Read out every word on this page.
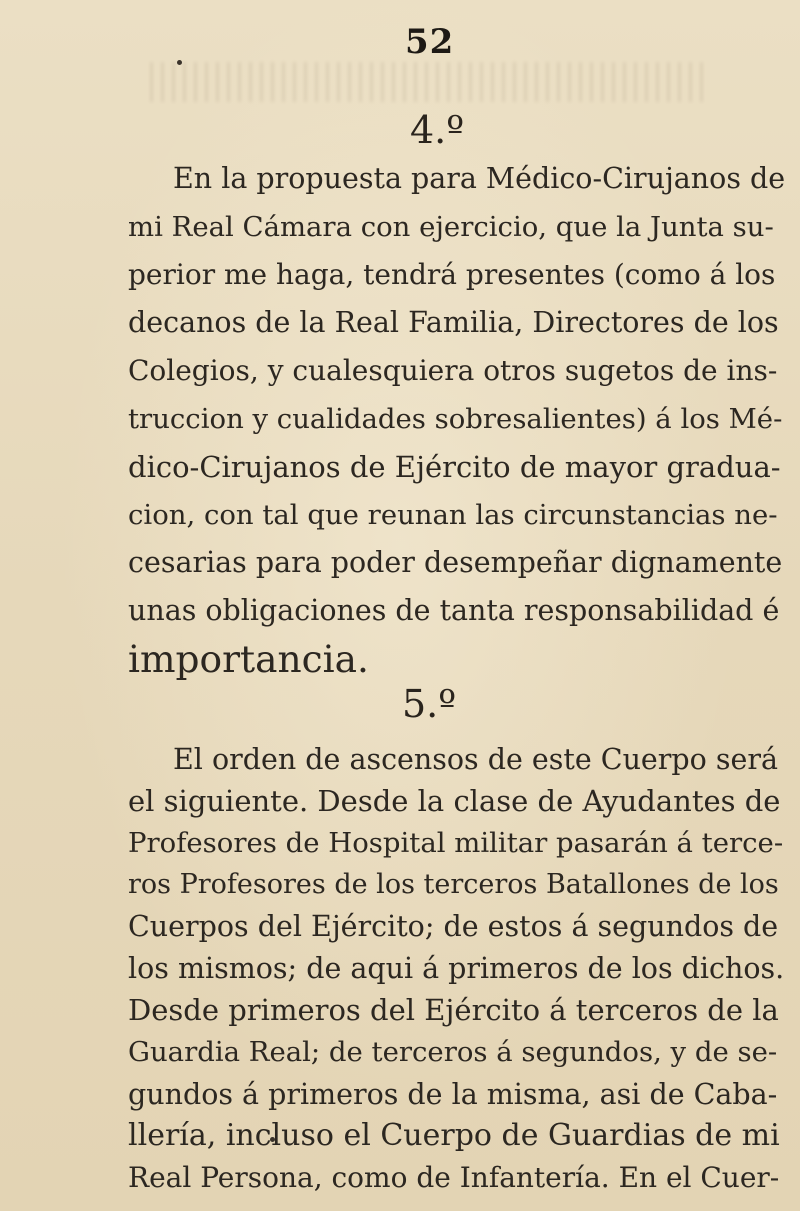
52
4.º
En la propuesta para Médico-Cirujanos de
mi Real Cámara con ejercicio, que la Junta su-
perior me haga, tendrá presentes (como á los
decanos de la Real Familia, Directores de los
Colegios, y cualesquiera otros sugetos de ins-
truccion y cualidades sobresalientes) á los Mé-
dico-Cirujanos de Ejército de mayor gradua-
cion, con tal que reunan las circunstancias ne-
cesarias para poder desempeñar dignamente
unas obligaciones de tanta responsabilidad é
importancia.
5.º
El orden de ascensos de este Cuerpo será
el siguiente. Desde la clase de Ayudantes de
Profesores de Hospital militar pasarán á terce-
ros Profesores de los terceros Batallones de los
Cuerpos del Ejército; de estos á segundos de
los mismos; de aqui á primeros de los dichos.
Desde primeros del Ejército á terceros de la
Guardia Real; de terceros á segundos, y de se-
gundos á primeros de la misma, asi de Caba-
llería, incluso el Cuerpo de Guardias de mi
Real Persona, como de Infantería. En el Cuer-
